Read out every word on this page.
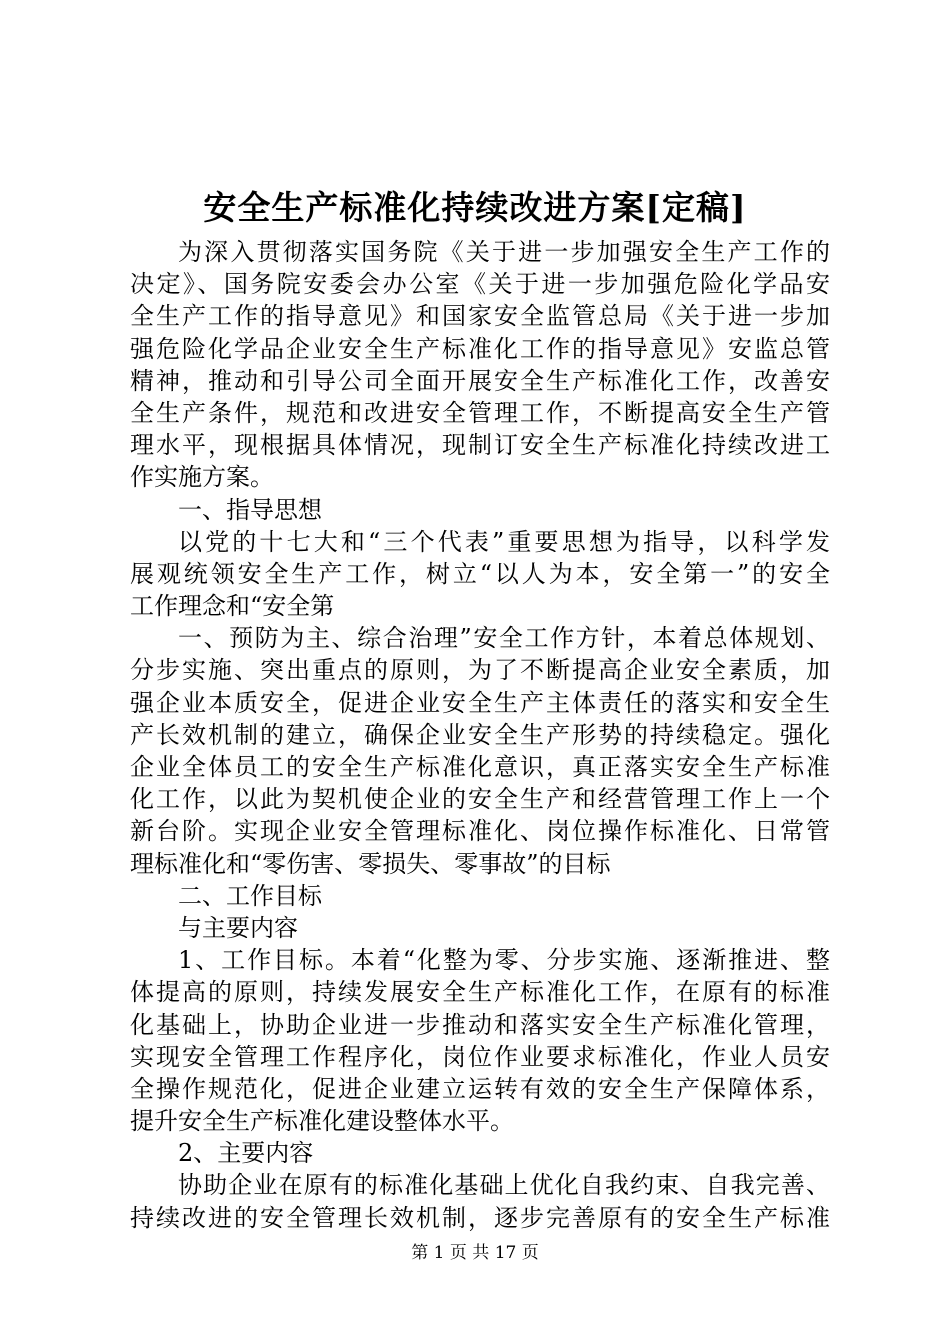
安全生产标准化持续改进方案[定稿]
为深入贯彻落实国务院《关于进一步加强安全生产工作的
决定》、国务院安委会办公室《关于进一步加强危险化学品安
全生产工作的指导意见》和国家安全监管总局《关于进一步加
强危险化学品企业安全生产标准化工作的指导意见》安监总管
精神，推动和引导公司全面开展安全生产标准化工作，改善安
全生产条件，规范和改进安全管理工作，不断提高安全生产管
理水平，现根据具体情况，现制订安全生产标准化持续改进工
作实施方案。
一、指导思想
以党的十七大和“三个代表”重要思想为指导，以科学发
展观统领安全生产工作，树立“以人为本，安全第一”的安全
工作理念和“安全第
一、预防为主、综合治理”安全工作方针，本着总体规划、
分步实施、突出重点的原则，为了不断提高企业安全素质，加
强企业本质安全，促进企业安全生产主体责任的落实和安全生
产长效机制的建立，确保企业安全生产形势的持续稳定。强化
企业全体员工的安全生产标准化意识，真正落实安全生产标准
化工作，以此为契机使企业的安全生产和经营管理工作上一个
新台阶。实现企业安全管理标准化、岗位操作标准化、日常管
理标准化和“零伤害、零损失、零事故”的目标
二、工作目标
与主要内容
1、工作目标。本着“化整为零、分步实施、逐渐推进、整
体提高的原则，持续发展安全生产标准化工作，在原有的标准
化基础上，协助企业进一步推动和落实安全生产标准化管理，
实现安全管理工作程序化，岗位作业要求标准化，作业人员安
全操作规范化，促进企业建立运转有效的安全生产保障体系，
提升安全生产标准化建设整体水平。
2、主要内容
协助企业在原有的标准化基础上优化自我约束、自我完善、
持续改进的安全管理长效机制，逐步完善原有的安全生产标准
第 1 页 共 17 页
